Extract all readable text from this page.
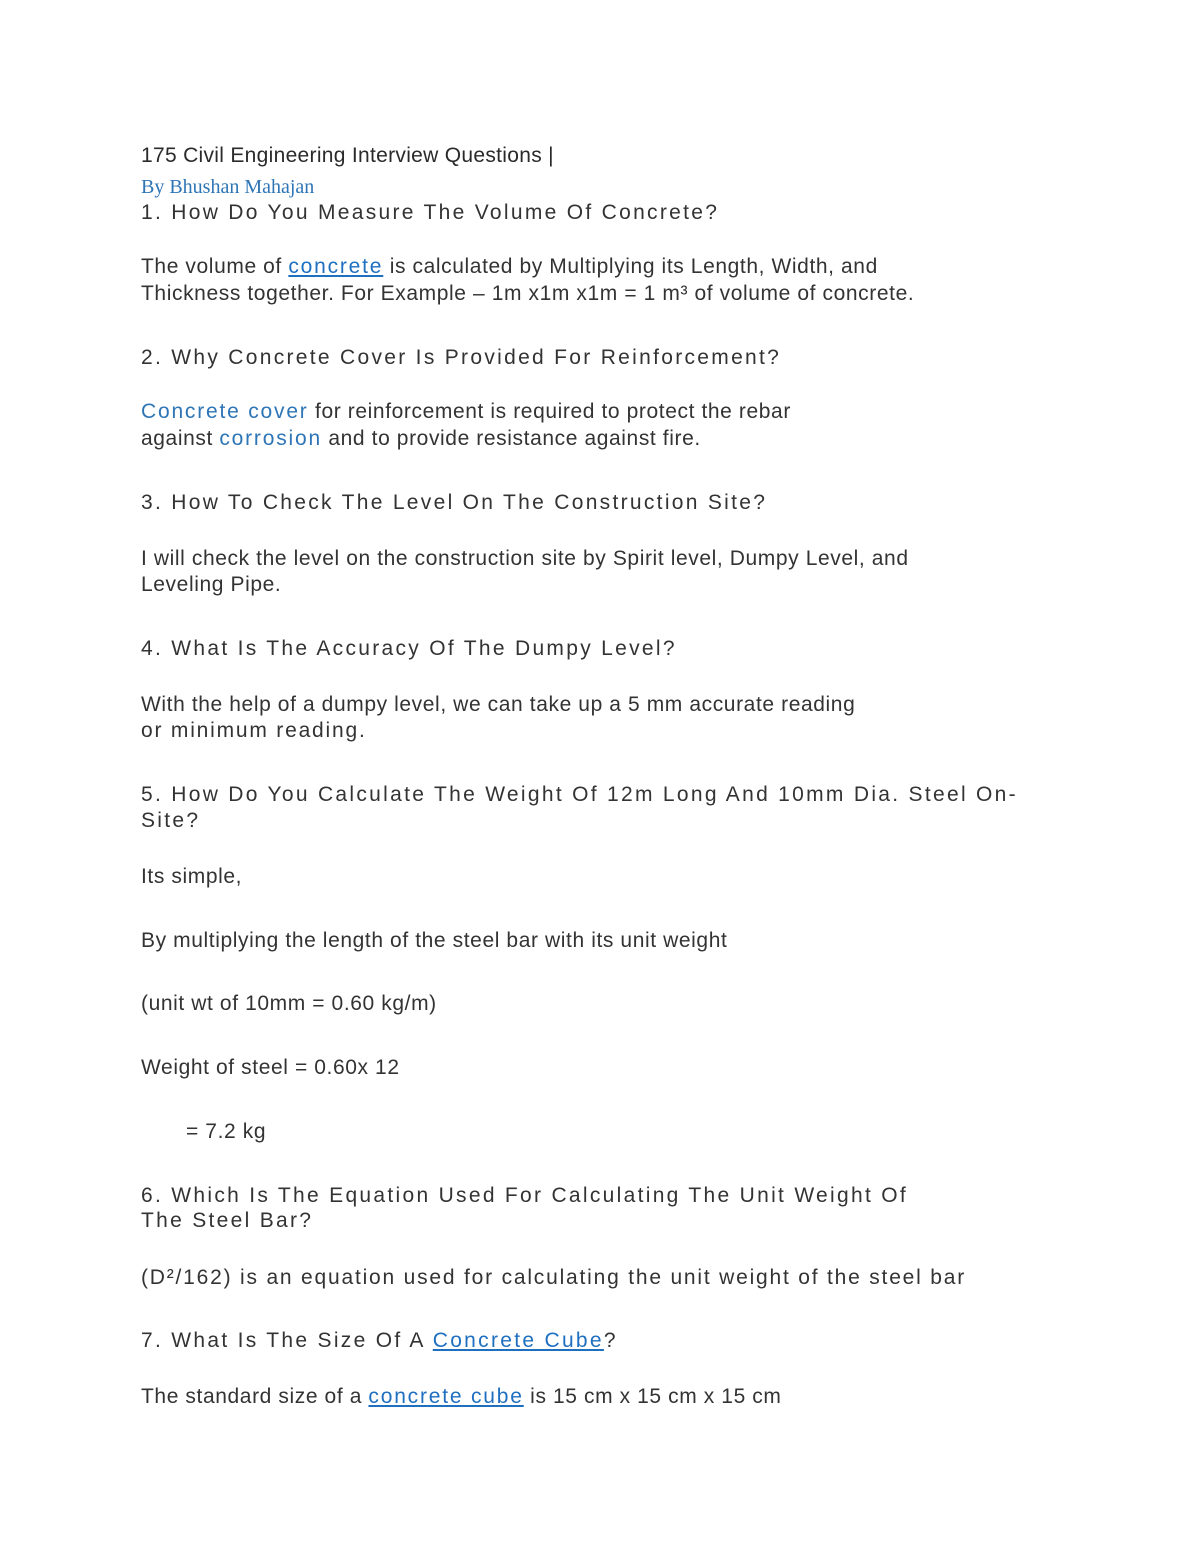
175 Civil Engineering Interview Questions |
By Bhushan Mahajan
1. How Do You Measure The Volume Of Concrete?
The volume of concrete is calculated by Multiplying its Length, Width, and
Thickness together. For Example – 1m x1m x1m = 1 m³ of volume of concrete.
2. Why Concrete Cover Is Provided For Reinforcement?
Concrete cover for reinforcement is required to protect the rebar
against corrosion and to provide resistance against fire.
3. How To Check The Level On The Construction Site?
I will check the level on the construction site by Spirit level, Dumpy Level, and
Leveling Pipe.
4. What Is The Accuracy Of The Dumpy Level?
With the help of a dumpy level, we can take up a 5 mm accurate reading
or minimum reading.
5. How Do You Calculate The Weight Of 12m Long And 10mm Dia. Steel On-
Site?
Its simple,
By multiplying the length of the steel bar with its unit weight
(unit wt of 10mm = 0.60 kg/m)
Weight of steel = 0.60x 12
= 7.2 kg
6. Which Is The Equation Used For Calculating The Unit Weight Of
The Steel Bar?
(D²/162) is an equation used for calculating the unit weight of the steel bar
7. What Is The Size Of A Concrete Cube?
The standard size of a concrete cube is 15 cm x 15 cm x 15 cm
